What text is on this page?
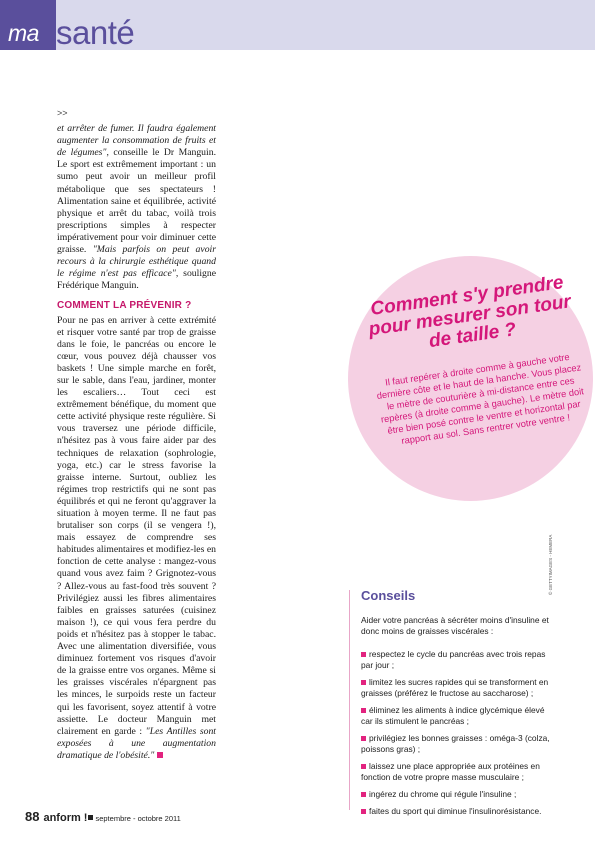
ma santé

>>

et arrêter de fumer. Il faudra également augmenter la consommation de fruits et de légumes", conseille le Dr Manguin. Le sport est extrêmement important : un sumo peut avoir un meilleur profil métabolique que ses spectateurs ! Alimentation saine et équilibrée, activité physique et arrêt du tabac, voilà trois prescriptions simples à respecter impérativement pour voir diminuer cette graisse. "Mais parfois on peut avoir recours à la chirurgie esthétique quand le régime n'est pas efficace", souligne Frédérique Manguin.

COMMENT LA PRÉVENIR ?

Pour ne pas en arriver à cette extrémité et risquer votre santé par trop de graisse dans le foie, le pancréas ou encore le cœur, vous pouvez déjà chausser vos baskets ! Une simple marche en forêt, sur le sable, dans l'eau, jardiner, monter les escaliers… Tout ceci est extrêmement bénéfique, du moment que cette activité physique reste régulière. Si vous traversez une période difficile, n'hésitez pas à vous faire aider par des techniques de relaxation (sophrologie, yoga, etc.) car le stress favorise la graisse interne. Surtout, oubliez les régimes trop restrictifs qui ne sont pas équilibrés et qui ne feront qu'aggraver la situation à moyen terme. Il ne faut pas brutaliser son corps (il se vengera !), mais essayez de comprendre ses habitudes alimentaires et modifiez-les en fonction de cette analyse : mangez-vous quand vous avez faim ? Grignotez-vous ? Allez-vous au fast-food très souvent ? Privilégiez aussi les fibres alimentaires faibles en graisses saturées (cuisinez maison !), ce qui vous fera perdre du poids et n'hésitez pas à stopper le tabac. Avec une alimentation diversifiée, vous diminuez fortement vos risques d'avoir de la graisse entre vos organes. Même si les graisses viscérales n'épargnent pas les minces, le surpoids reste un facteur qui les favorisent, soyez attentif à votre assiette. Le docteur Manguin met clairement en garde : "Les Antilles sont exposées à une augmentation dramatique de l'obésité."

Comment s'y prendre pour mesurer son tour de taille ?

Il faut repérer à droite comme à gauche votre dernière côte et le haut de la hanche. Vous placez le mètre de couturière à mi-distance entre ces repères (à droite comme à gauche). Le mètre doit être bien posé contre le ventre et horizontal par rapport au sol. Sans rentrer votre ventre !

© GETTYIMAGES - HEMERA
Conseils

Aider votre pancréas à sécréter moins d'insuline et donc moins de graisses viscérales :

respectez le cycle du pancréas avec trois repas par jour ;
limitez les sucres rapides qui se transforment en graisses (préférez le fructose au saccharose) ;
éliminez les aliments à indice glycémique élevé car ils stimulent le pancréas ;
privilégiez les bonnes graisses : oméga-3 (colza, poissons gras) ;
laissez une place appropriée aux protéines en fonction de votre propre masse musculaire ;
ingérez du chrome qui régule l'insuline ;
faites du sport qui diminue l'insulinorésistance.
88 anform ! septembre - octobre 2011
